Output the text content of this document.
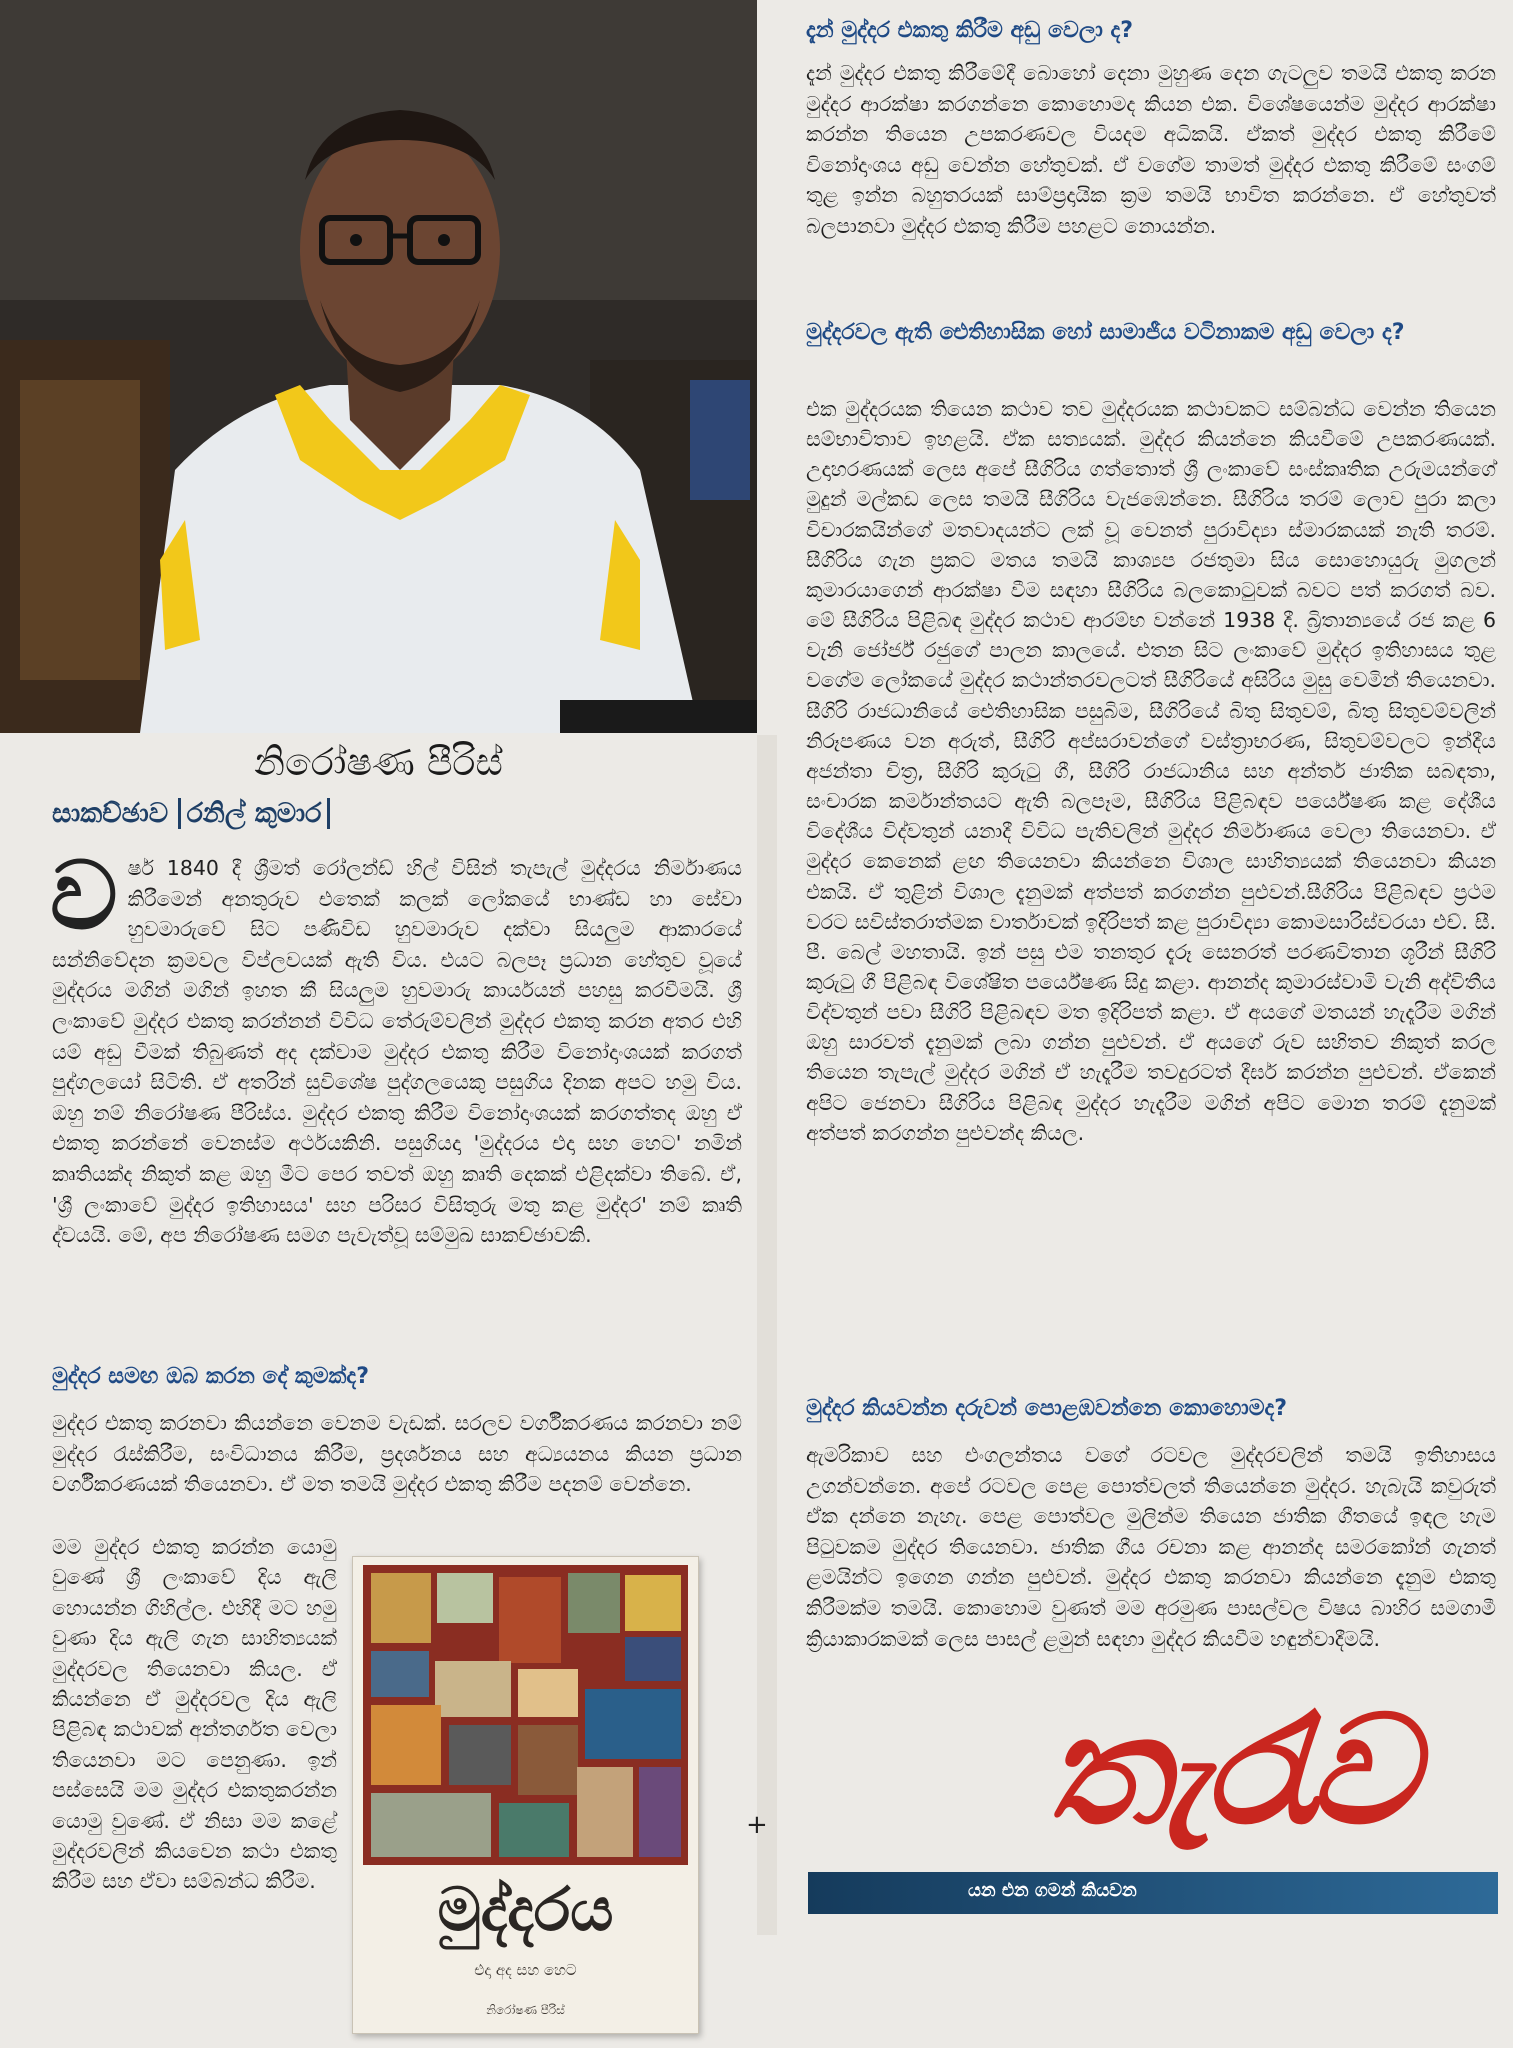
නිරෝෂණ පීරිස්
සාකච්ඡාව රනිල් කුමාර

ව ර්ෂ 1840 දී ශ්‍රීමත් රෝලන්ඩ් හිල් විසින් තැපැල් මුද්දරය නිර්මාණය කිරීමෙන් අනතුරුව එතෙක් කලක් ලෝකයේ භාණ්ඩ හා සේවා හුවමාරුවේ සිට පණිවිඩ හුවමාරුව දක්වා සියලුම ආකාරයේ සන්නිවේදන ක්‍රමවල විප්ලවයක් ඇති විය. එයට බලපෑ ප්‍රධාන හේතුව වූයේ මුද්දරය මගින් මගින් ඉහත කී සියලුම හුවමාරු කාර්යයන් පහසු කරවීමයි. ශ්‍රී ලංකාවේ මුද්දර එකතු කරන්නන් විවිධ තේරුම්වලින් මුද්දර එකතු කරන අතර එහි යම් අඩු වීමක් තිබුණත් අද දක්වාම මුද්දර එකතු කිරීම විනෝදාංශයක් කරගත් පුද්ගලයෝ සිටිති. ඒ අතරින් සුවිශේෂ පුද්ගලයෙකු පසුගිය දිනක අපට හමු විය. ඔහු නම් නිරෝෂණ පීරිස්ය. මුද්දර එකතු කිරීම විනෝදාංශයක් කරගත්තද ඔහු ඒ එකතු කරන්නේ වෙනස්ම අර්ථයකිනි. පසුගියදා 'මුද්දරය එදා සහ හෙට' නමින් කෘතියක්ද නිකුත් කළ ඔහු මීට පෙර තවත් ඔහු කෘති දෙකක් එළිදක්වා තිබේ. ඒ, 'ශ්‍රී ලංකාවේ මුද්දර ඉතිහාසය' සහ පරිසර විසිතුරු මතු කළ මුද්දර' නම් කෘති ද්වයයි. මේ, අප නිරෝෂණ සමග පැවැත්වූ සම්මුඛ සාකච්ඡාවකි.

මුද්දර සමඟ ඔබ කරන දේ කුමක්ද?

මුද්දර එකතු කරනවා කියන්නෙ වෙනම වැඩක්. සරලව වර්ගීකරණය කරනවා නම් මුද්දර රැස්කිරීම, සංවිධානය කිරීම, ප්‍රදර්ශනය සහ අධ්‍යයනය කියන ප්‍රධාන වර්ගීකරණයක් තියෙනවා. ඒ මත තමයි මුද්දර එකතු කිරීම පදනම් වෙන්නෙ.

මම මුද්දර එකතු කරන්න යොමු වුණේ ශ්‍රී ලංකාවේ දිය ඇලි හොයන්න ගිහිල්ල. එහිදී මට හමු වුණා දිය ඇලි ගැන සාහිත්‍යයක් මුද්දරවල තියෙනවා කියල. ඒ කියන්නෙ ඒ මුද්දරවල දිය ඇලි පිළිබඳ කථාවක් අන්තර්ගත වෙලා තියෙනවා මට පෙනුණා. ඉන් පස්සෙයි මම මුද්දර එකතුකරන්න යොමු වුණේ. ඒ නිසා මම කළේ මුද්දරවලින් කියවෙන කථා එකතු කිරීම සහ ඒවා සම්බන්ධ කිරීම.	මුද්දරය
එදා අද සහ හෙට
නිරෝෂණ පීරිස්
+
දැන් මුද්දර එකතු කිරීම අඩු වෙලා ද?

දැන් මුද්දර එකතු කිරීමේදී බොහෝ දෙනා මුහුණ දෙන ගැටලුව තමයි එකතු කරන මුද්දර ආරක්ෂා කරගන්නෙ කොහොමද කියන එක. විශේෂයෙන්ම මුද්දර ආරක්ෂා කරන්න තියෙන උපකරණවල වියදම අධිකයි. ඒකත් මුද්දර එකතු කිරීමේ විනෝදාංශය අඩු වෙන්න හේතුවක්. ඒ වගේම තාමත් මුද්දර එකතු කිරීමේ සංගම් තුළ ඉන්න බහුතරයක් සාම්ප්‍රදායික ක්‍රම තමයි භාවිත කරන්නෙ. ඒ හේතුවත් බලපානවා මුද්දර එකතු කිරීම පහළට නොයන්න.

මුද්දරවල ඇති ඓතිහාසික හෝ සාමාජීය වටිනාකම අඩු වෙලා ද?

එක මුද්දරයක තියෙන කථාව තව මුද්දරයක කථාවකට සම්බන්ධ වෙන්න තියෙන සම්භාවිතාව ඉහළයි. ඒක සත්‍යයක්. මුද්දර කියන්නෙ කියවීමේ උපකරණයක්. උදාහරණයක් ලෙස අපේ සීගිරිය ගත්තොත් ශ්‍රී ලංකාවේ සංස්කෘතික උරුමයන්ගේ මුදුන් මල්කඩ ලෙස තමයි සීගිරිය වැජඹෙන්නෙ. සීගිරිය තරම් ලොව පුරා කලා විචාරකයින්ගේ මතවාදයන්ට ලක් වූ වෙනත් පුරාවිද්‍යා ස්මාරකයක් නැති තරම්. සීගිරිය ගැන ප්‍රකට මතය තමයි කාශ්‍යප රජතුමා සිය සොහොයුරු මුගලන් කුමාරයාගෙන් ආරක්ෂා වීම සඳහා සීගිරිය බලකොටුවක් බවට පත් කරගත් බව. මේ සීගිරිය පිළිබඳ මුද්දර කථාව ආරම්භ වන්නේ 1938 දී. බ්‍රිතාන්‍යයේ රජ කළ 6 වැනි ජෝර්ජ් රජුගේ පාලන කාලයේ. එතන සිට ලංකාවේ මුද්දර ඉතිහාසය තුළ වගේම ලෝකයේ මුද්දර කථාන්තරවලටත් සීගිරියේ අසිරිය මුසු වෙමින් තියෙනවා. සීගිරි රාජධානියේ ඓතිහාසික පසුබිම, සීගිරියේ බිතු සිතුවම්, බිතු සිතුවම්වලින් නිරූපණය වන අරුත්, සීගිරි අප්සරාවන්ගේ වස්ත්‍රාභරණ, සිතුවම්වලට ඉන්දීය අජන්තා චිත්‍ර, සීගිරි කුරුටු ගී, සීගිරි රාජධානිය සහ අන්තර් ජාතික සබඳතා, සංචාරක කර්මාන්තයට ඇති බලපෑම, සීගිරිය පිළිබඳව පර්යේෂණ කළ දේශීය විදේශීය විද්වතුන් යනාදී විවිධ පැතිවලින් මුද්දර නිර්මාණය වෙලා තියෙනවා. ඒ මුද්දර කෙනෙක් ළඟ තියෙනවා කියන්නෙ විශාල සාහිත්‍යයක් තියෙනවා කියන එකයි. ඒ තුළින් විශාල දැනුමක් අත්පත් කරගන්න පුළුවන්.සීගිරිය පිළිබඳව ප්‍රථම වරට සවිස්තරාත්මක වාර්තාවක් ඉදිරිපත් කළ පුරාවිද්‍යා කොමසාරිස්වරයා එච්. සී. පී. බෙල් මහතායි. ඉන් පසු එම තනතුර දැරූ සෙනරත් පරණවිතාන ශූරීන් සීගිරි කුරුටු ගී පිළිබඳ විශේෂිත පර්යේෂණ සිදු කළා. ආනන්ද කුමාරස්වාමි වැනි අද්විතීය විද්වතුන් පවා සීගිරි පිළිබඳව මත ඉදිරිපත් කළා. ඒ අයගේ මතයන් හැදෑරීම මගින් ඔහු සාරවත් දැනුමක් ලබා ගන්න පුළුවන්. ඒ අයගේ රුව සහිතව නිකුත් කරල තියෙන තැපැල් මුද්දර මගින් ඒ හැදෑරීම තවදුරටත් දීර්ඝ කරන්න පුළුවන්. ඒකෙන් අපිට ජෙනවා සීගිරිය පිළිබඳ මුද්දර හැදෑරීම මගින් අපිට මොන තරම් දැනුමක් අත්පත් කරගන්න පුළුවන්ද කියල.

මුද්දර කියවන්න දරුවන් පොළඹවන්නෙ කොහොමද?

ඇමරිකාව සහ එංගලන්තය වගේ රටවල මුද්දරවලින් තමයි ඉතිහාසය උගන්වන්නෙ. අපේ රටවල පෙළ පොත්වලත් තියෙන්නෙ මුද්දර. හැබැයි කවුරුත් ඒක දන්නෙ නැහැ. පෙළ පොත්වල මුලින්ම තියෙන ජාතික ගීතයේ ඉඳල හැම පිටුවකම මුද්දර තියෙනවා. ජාතික ගීය රචනා කළ ආනන්ද සමරකෝන් ගැනත් ළමයින්ට ඉගෙන ගන්න පුළුවන්. මුද්දර එකතු කරනවා කියන්නෙ දැනුම එකතු කිරීමක්ම තමයි. කොහොම වුණත් මම අරමුණ පාසල්වල විෂය බාහිර සමගාමී ක්‍රියාකාරකමක් ලෙස පාසල් ළමුන් සඳහා මුද්දර කියවීම හඳුන්වාදීමයි.

තැරැව
යන එන ගමන් කියවන
